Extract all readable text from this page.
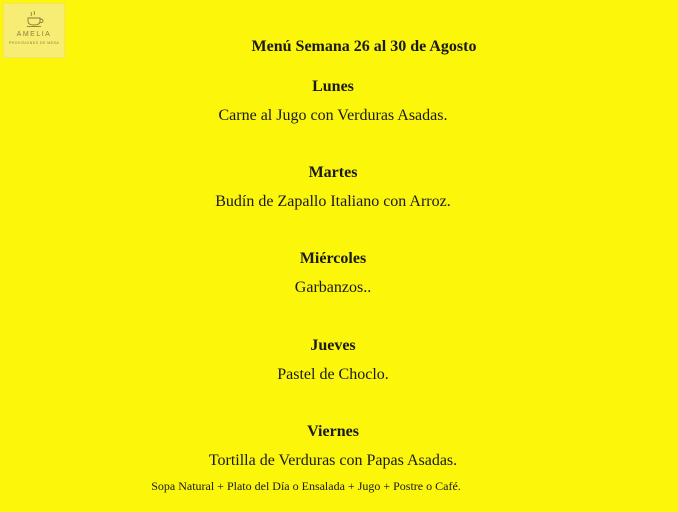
AMELIA
PROVISIONES DE MESA	Menú Semana 26 al 30 de Agosto
Lunes
Carne al Jugo con Verduras Asadas.
Martes
Budín de Zapallo Italiano con Arroz.
Miércoles
Garbanzos..
Jueves
Pastel de Choclo.
Viernes
Tortilla de Verduras con Papas Asadas.
Sopa Natural + Plato del Día o Ensalada + Jugo + Postre o Café.
